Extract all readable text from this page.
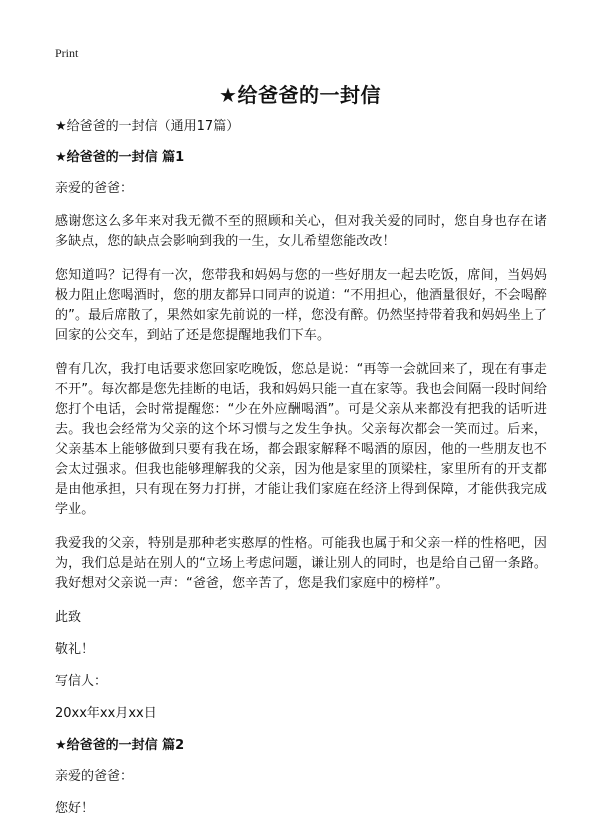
Print
★给爸爸的一封信
★给爸爸的一封信（通用17篇）
★给爸爸的一封信 篇1
亲爱的爸爸：
感谢您这么多年来对我无微不至的照顾和关心，但对我关爱的同时，您自身也存在诸多缺点，您的缺点会影响到我的一生，女儿希望您能改改！
您知道吗？记得有一次，您带我和妈妈与您的一些好朋友一起去吃饭，席间，当妈妈极力阻止您喝酒时，您的朋友都异口同声的说道：“不用担心，他酒量很好，不会喝醉的”。最后席散了，果然如家先前说的一样，您没有醉。仍然坚持带着我和妈妈坐上了回家的公交车，到站了还是您提醒地我们下车。
曾有几次，我打电话要求您回家吃晚饭，您总是说：“再等一会就回来了，现在有事走不开”。每次都是您先挂断的电话，我和妈妈只能一直在家等。我也会间隔一段时间给您打个电话，会时常提醒您：“少在外应酬喝酒”。可是父亲从来都没有把我的话听进去。我也会经常为父亲的这个坏习惯与之发生争执。父亲每次都会一笑而过。后来，父亲基本上能够做到只要有我在场，都会跟家解释不喝酒的原因，他的一些朋友也不会太过强求。但我也能够理解我的父亲，因为他是家里的顶梁柱，家里所有的开支都是由他承担，只有现在努力打拼，才能让我们家庭在经济上得到保障，才能供我完成学业。
我爱我的父亲，特别是那种老实憨厚的性格。可能我也属于和父亲一样的性格吧，因为，我们总是站在别人的“立场上考虑问题，谦让别人的同时，也是给自己留一条路。我好想对父亲说一声：“爸爸，您辛苦了，您是我们家庭中的榜样”。
此致
敬礼！
写信人：
20xx年xx月xx日
★给爸爸的一封信 篇2
亲爱的爸爸：
您好！
